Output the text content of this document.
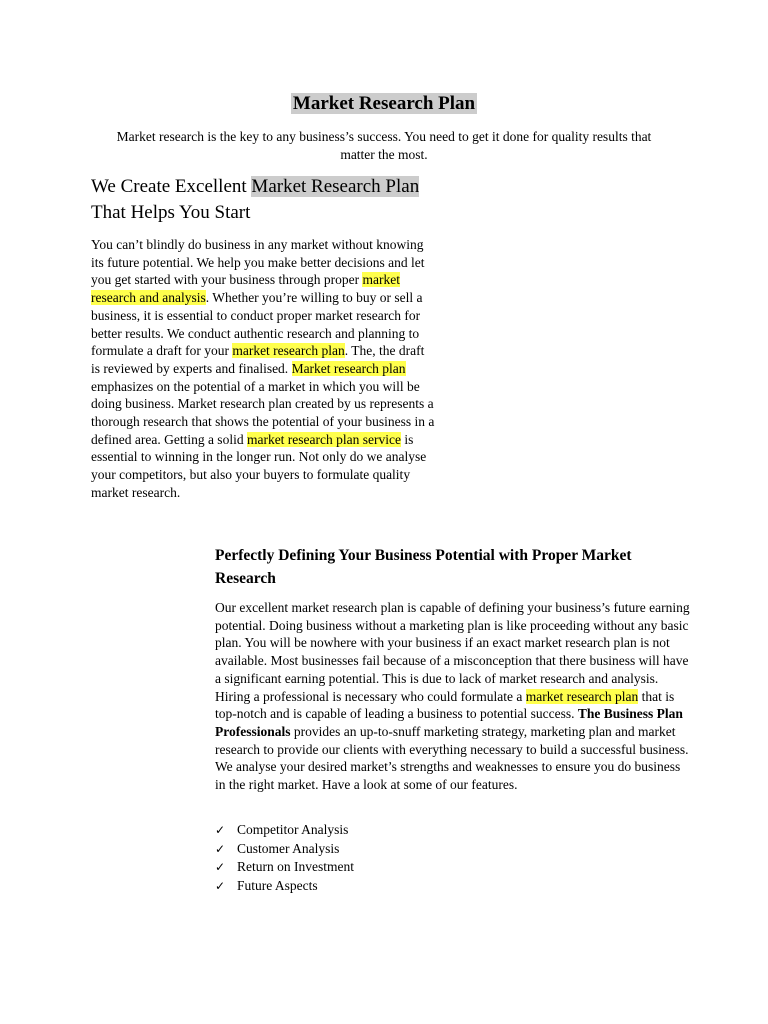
Market Research Plan
Market research is the key to any business’s success. You need to get it done for quality results that matter the most.
We Create Excellent Market Research Plan That Helps You Start
You can’t blindly do business in any market without knowing its future potential. We help you make better decisions and let you get started with your business through proper market research and analysis. Whether you’re willing to buy or sell a business, it is essential to conduct proper market research for better results. We conduct authentic research and planning to formulate a draft for your market research plan. The, the draft is reviewed by experts and finalised. Market research plan emphasizes on the potential of a market in which you will be doing business. Market research plan created by us represents a thorough research that shows the potential of your business in a defined area. Getting a solid market research plan service is essential to winning in the longer run. Not only do we analyse your competitors, but also your buyers to formulate quality market research.
Perfectly Defining Your Business Potential with Proper Market Research
Our excellent market research plan is capable of defining your business’s future earning potential. Doing business without a marketing plan is like proceeding without any basic plan. You will be nowhere with your business if an exact market research plan is not available. Most businesses fail because of a misconception that there business will have a significant earning potential. This is due to lack of market research and analysis. Hiring a professional is necessary who could formulate a market research plan that is top-notch and is capable of leading a business to potential success. The Business Plan Professionals provides an up-to-snuff marketing strategy, marketing plan and market research to provide our clients with everything necessary to build a successful business. We analyse your desired market’s strengths and weaknesses to ensure you do business in the right market. Have a look at some of our features.
✓ Competitor Analysis
✓ Customer Analysis
✓ Return on Investment
✓ Future Aspects
